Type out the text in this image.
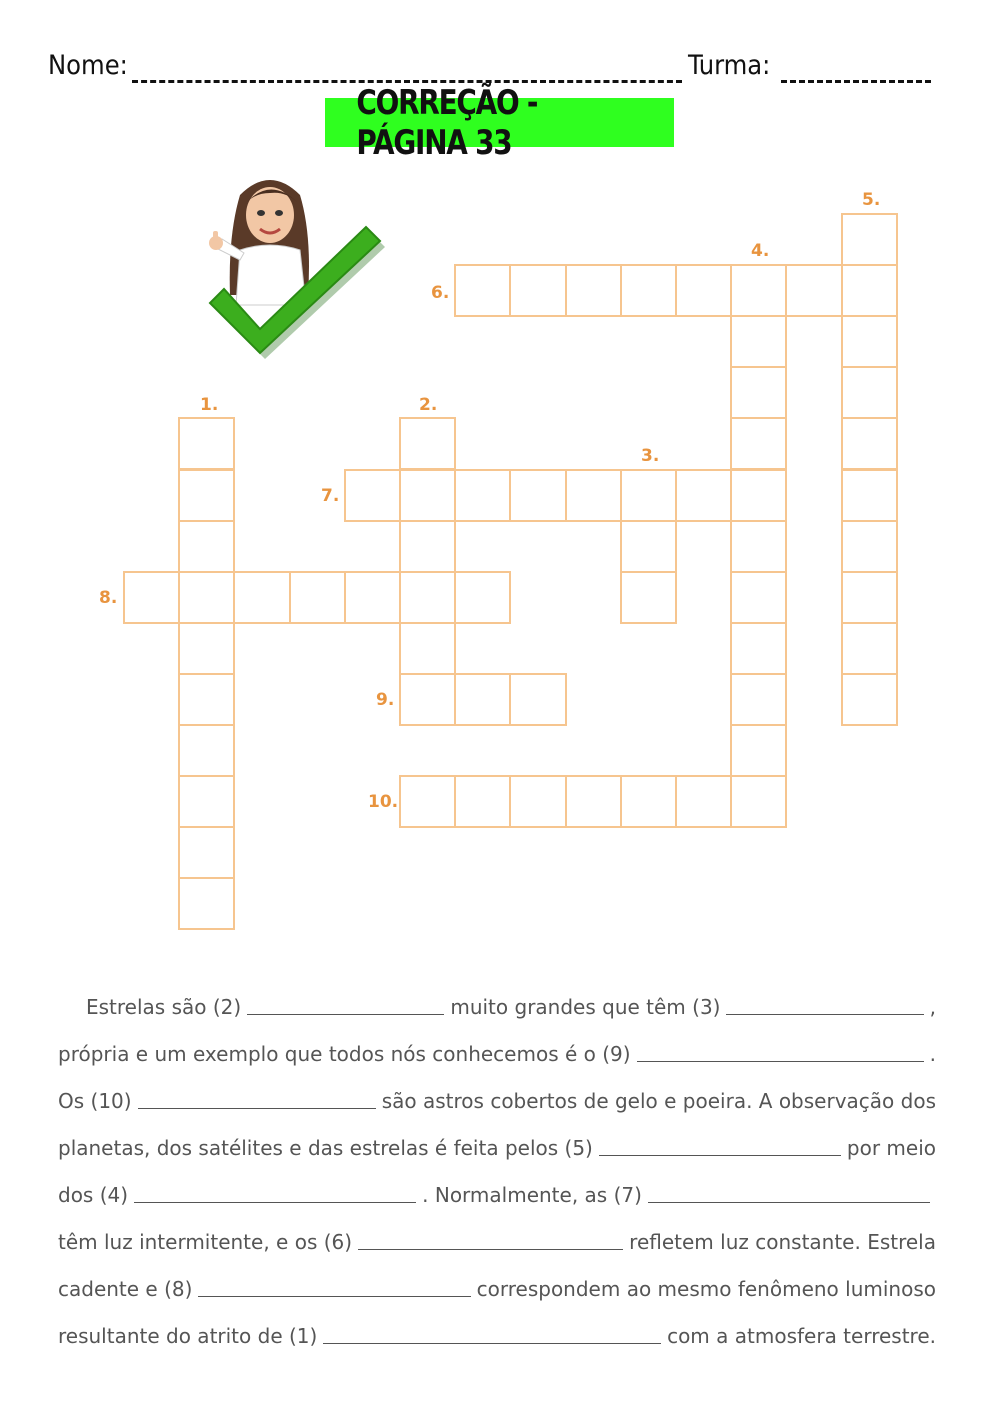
Nome:	Turma:
CORREÇÃO - PÁGINA 33
1.	2.
3.
4.
5.
6.
7.
8.
9.
10.
Estrelas são (2)	muito grandes que têm (3)	,
própria e um exemplo que todos nós conhecemos é o (9)	.
Os (10)	são astros cobertos de gelo e poeira. A observação dos
planetas, dos satélites e das estrelas é feita pelos (5)	por meio
dos (4)	. Normalmente, as (7)
têm luz intermitente, e os (6)	refletem luz constante. Estrela
cadente e (8)	correspondem ao mesmo fenômeno luminoso
resultante do atrito de (1)	com a atmosfera terrestre.
